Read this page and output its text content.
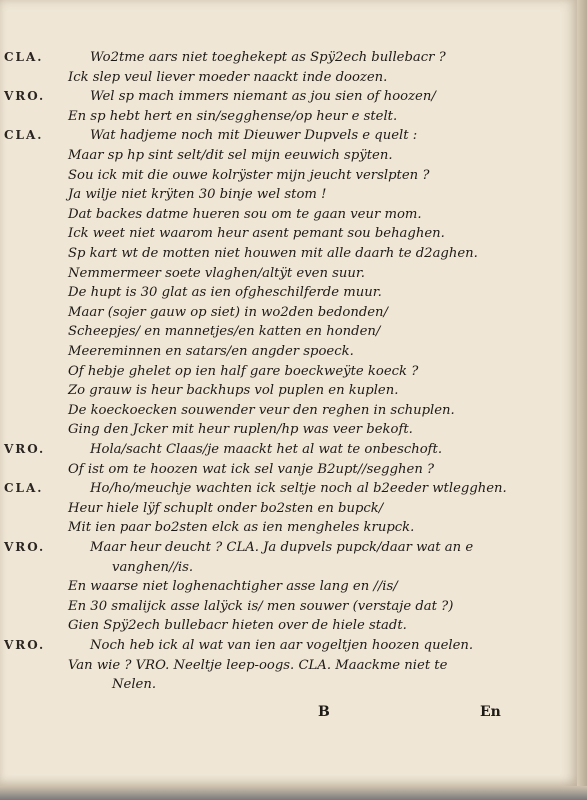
CLA.	Wo2tme aars niet toeghekept as Spÿ2ech bullebacr ?
Ick slep veul liever moeder naackt inde doozen.
VRO.	Wel sp mach immers niemant as jou sien of hoozen/
En sp hebt hert en sin/segghense/op heur e stelt.
CLA.	Wat hadjeme noch mit Dieuwer Dupvels e quelt :
Maar sp hp sint selt/dit sel mijn eeuwich spÿten.
Sou ick mit die ouwe kolrÿster mijn jeucht verslpten ?
Ja wilje niet krÿten 30 binje wel stom !
Dat backes datme hueren sou om te gaan veur mom.
Ick weet niet waarom heur asent pemant sou behaghen.
Sp kart wt de motten niet houwen mit alle daarh te d2aghen.
Nemmermeer soete vlaghen/altÿt even suur.
De hupt is 30 glat as ien ofgheschilferde muur.
Maar (sojer gauw op siet) in wo2den bedonden/
Scheepjes/ en mannetjes/en katten en honden/
Meereminnen en satars/en angder spoeck.
Of hebje ghelet op ien half gare boeckweÿte koeck ?
Zo grauw is heur backhups vol puplen en kuplen.
De koeckoecken souwender veur den reghen in schuplen.
Ging den Jcker mit heur ruplen/hp was veer bekoft.
VRO.	Hola/sacht Claas/je maackt het al wat te onbeschoft.
Of ist om te hoozen wat ick sel vanje B2upt//segghen ?
CLA.	Ho/ho/meuchje wachten ick seltje noch al b2eeder wtlegghen.
Heur hiele lÿf schuplt onder bo2sten en bupck/
Mit ien paar bo2sten elck as ien mengheles krupck.
VRO.	Maar heur deucht ? CLA. Ja dupvels pupck/daar wat an e
vanghen//is.
En waarse niet loghenachtigher asse lang en //is/
En 30 smalijck asse lalÿck is/ men souwer (verstaje dat ?)
Gien Spÿ2ech bullebacr hieten over de hiele stadt.
VRO.	Noch heb ick al wat van ien aar vogeltjen hoozen quelen.
Van wie ? VRO. Neeltje leep-oogs. CLA. Maackme niet te
Nelen.
B	En
